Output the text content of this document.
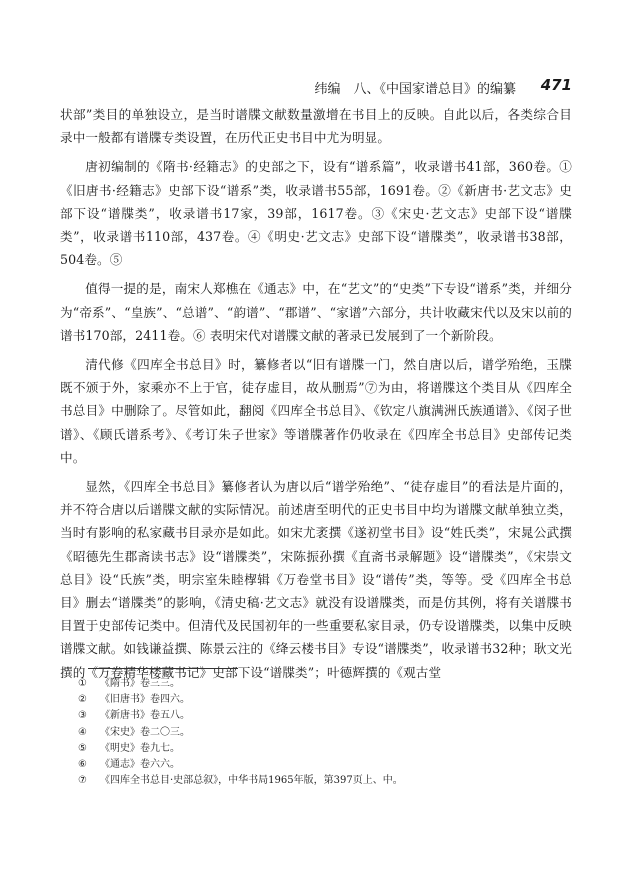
纬编　八、《中国家谱总目》的编纂 471

状部”类目的单独设立，是当时谱牒文献数量激增在书目上的反映。自此以后，各类综合目录中一般都有谱牒专类设置，在历代正史书目中尤为明显。

唐初编制的《隋书·经籍志》的史部之下，设有“谱系篇”，收录谱书41部，360卷。①《旧唐书·经籍志》史部下设“谱系”类，收录谱书55部，1691卷。②《新唐书·艺文志》史部下设“谱牒类”，收录谱书17家，39部，1617卷。③《宋史·艺文志》史部下设“谱牒类”，收录谱书110部，437卷。④《明史·艺文志》史部下设“谱牒类”，收录谱书38部，504卷。⑤

值得一提的是，南宋人郑樵在《通志》中，在“艺文”的“史类”下专设“谱系”类，并细分为“帝系”、“皇族”、“总谱”、“韵谱”、“郡谱”、“家谱”六部分，共计收藏宋代以及宋以前的谱书170部，2411卷。⑥ 表明宋代对谱牒文献的著录已发展到了一个新阶段。

清代修《四库全书总目》时，纂修者以“旧有谱牒一门，然自唐以后，谱学殆绝，玉牒既不颁于外，家乘亦不上于官，徒存虚目，故从删焉”⑦为由，将谱牒这个类目从《四库全书总目》中删除了。尽管如此，翻阅《四库全书总目》、《钦定八旗满洲氏族通谱》、《闵子世谱》、《顾氏谱系考》、《考订朱子世家》等谱牒著作仍收录在《四库全书总目》史部传记类中。

显然，《四库全书总目》纂修者认为唐以后“谱学殆绝”、“徒存虚目”的看法是片面的，并不符合唐以后谱牒文献的实际情况。前述唐至明代的正史书目中均为谱牒文献单独立类，当时有影响的私家藏书目录亦是如此。如宋尤袤撰《遂初堂书目》设“姓氏类”，宋晁公武撰《昭德先生郡斋读书志》设“谱牒类”，宋陈振孙撰《直斋书录解题》设“谱牒类”，《宋崇文总目》设“氏族”类，明宗室朱睦㮮辑《万卷堂书目》设“谱传”类，等等。受《四库全书总目》删去“谱牒类”的影响，《清史稿·艺文志》就没有设谱牒类，而是仿其例，将有关谱牒书目置于史部传记类中。但清代及民国初年的一些重要私家目录，仍专设谱牒类，以集中反映谱牒文献。如钱谦益撰、陈景云注的《绛云楼书目》专设“谱牒类”，收录谱书32种；耿文光撰的《万卷精华楼藏书记》史部下设“谱牒类”；叶德辉撰的《观古堂

①	《隋书》卷三三。
②	《旧唐书》卷四六。
③	《新唐书》卷五八。
④	《宋史》卷二〇三。
⑤	《明史》卷九七。
⑥	《通志》卷六六。
⑦	《四库全书总目·史部总叙》，中华书局1965年版，第397页上、中。
